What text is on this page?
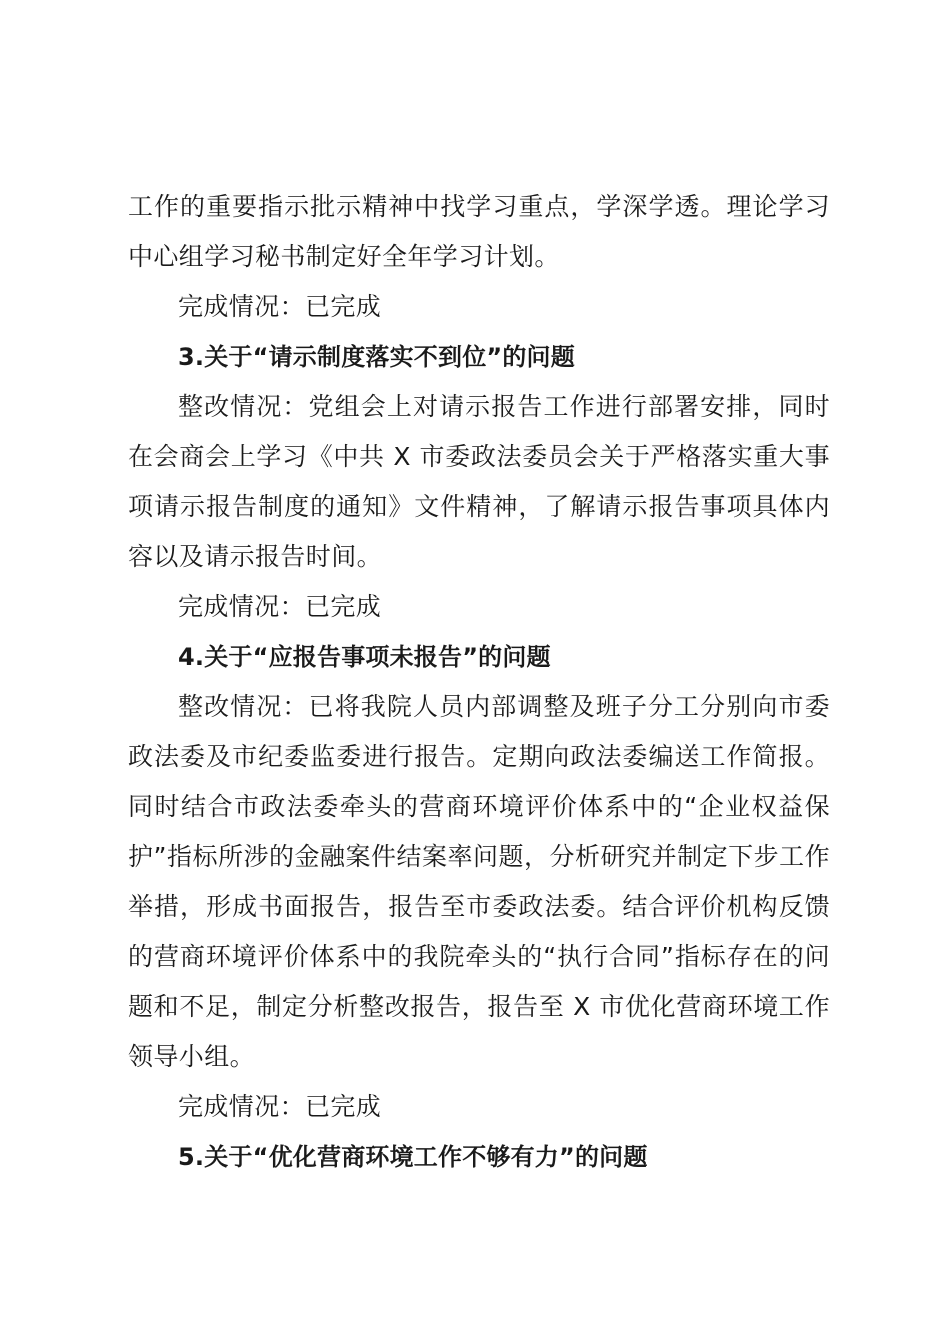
工作的重要指示批示精神中找学习重点，学深学透。理论学习中心组学习秘书制定好全年学习计划。

完成情况：已完成

3.关于“请示制度落实不到位”的问题

整改情况：党组会上对请示报告工作进行部署安排，同时在会商会上学习《中共 X 市委政法委员会关于严格落实重大事项请示报告制度的通知》文件精神，了解请示报告事项具体内容以及请示报告时间。

完成情况：已完成

4.关于“应报告事项未报告”的问题

整改情况：已将我院人员内部调整及班子分工分别向市委政法委及市纪委监委进行报告。定期向政法委编送工作简报。同时结合市政法委牵头的营商环境评价体系中的“企业权益保护”指标所涉的金融案件结案率问题，分析研究并制定下步工作举措，形成书面报告，报告至市委政法委。结合评价机构反馈的营商环境评价体系中的我院牵头的“执行合同”指标存在的问题和不足，制定分析整改报告，报告至 X 市优化营商环境工作领导小组。

完成情况：已完成

5.关于“优化营商环境工作不够有力”的问题
